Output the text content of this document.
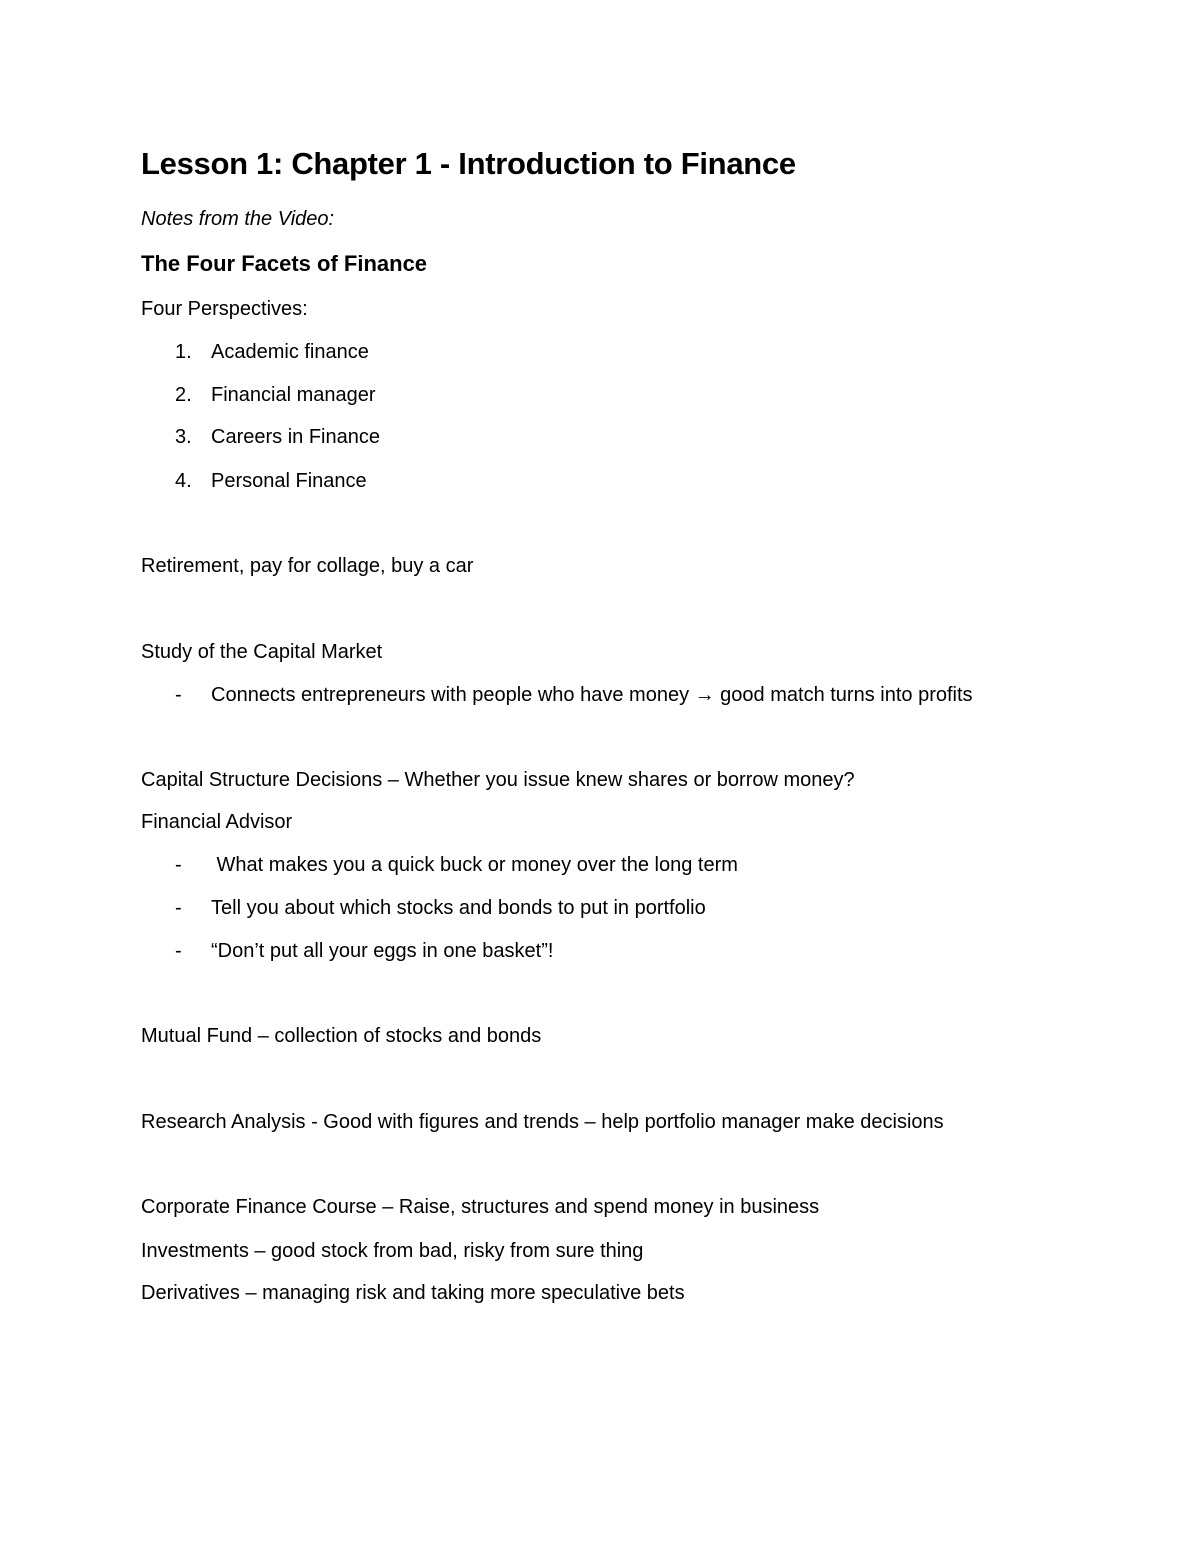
Lesson 1: Chapter 1 - Introduction to Finance
Notes from the Video:
The Four Facets of Finance
Four Perspectives:
1. Academic finance
2. Financial manager
3. Careers in Finance
4. Personal Finance
Retirement, pay for collage, buy a car
Study of the Capital Market
- Connects entrepreneurs with people who have money → good match turns into profits
Capital Structure Decisions – Whether you issue knew shares or borrow money?
Financial Advisor
- What makes you a quick buck or money over the long term
- Tell you about which stocks and bonds to put in portfolio
- “Don’t put all your eggs in one basket”!
Mutual Fund – collection of stocks and bonds
Research Analysis - Good with figures and trends – help portfolio manager make decisions
Corporate Finance Course – Raise, structures and spend money in business
Investments – good stock from bad, risky from sure thing
Derivatives – managing risk and taking more speculative bets
